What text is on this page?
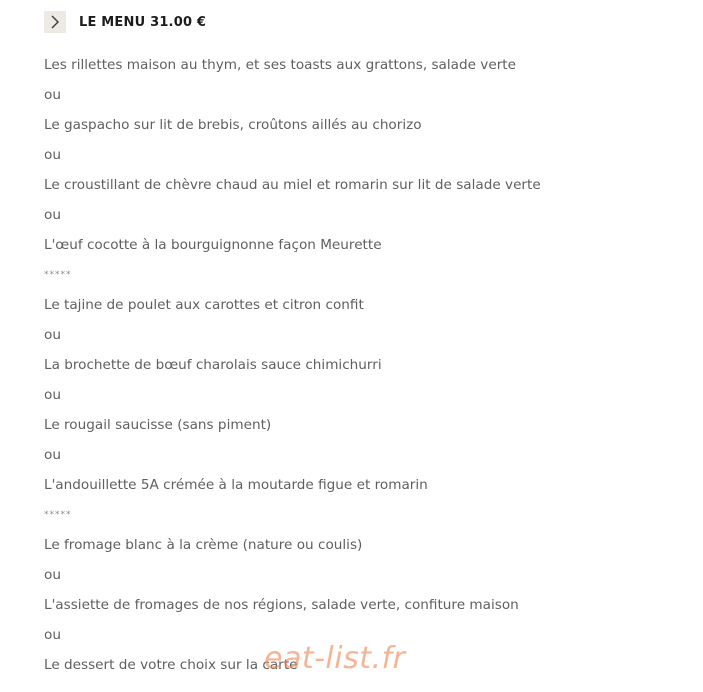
LE MENU 31.00 €
Les rillettes maison au thym, et ses toasts aux grattons, salade verte
ou
Le gaspacho sur lit de brebis, croûtons aillés au chorizo
ou
Le croustillant de chèvre chaud au miel et romarin sur lit de salade verte
ou
L'œuf cocotte à la bourguignonne façon Meurette
*****
Le tajine de poulet aux carottes et citron confit
ou
La brochette de bœuf charolais sauce chimichurri
ou
Le rougail saucisse (sans piment)
ou
L'andouillette 5A crémée à la moutarde figue et romarin
*****
Le fromage blanc à la crème (nature ou coulis)
ou
L'assiette de fromages de nos régions, salade verte, confiture maison
ou
Le dessert de votre choix sur la carte
eat-list.fr
